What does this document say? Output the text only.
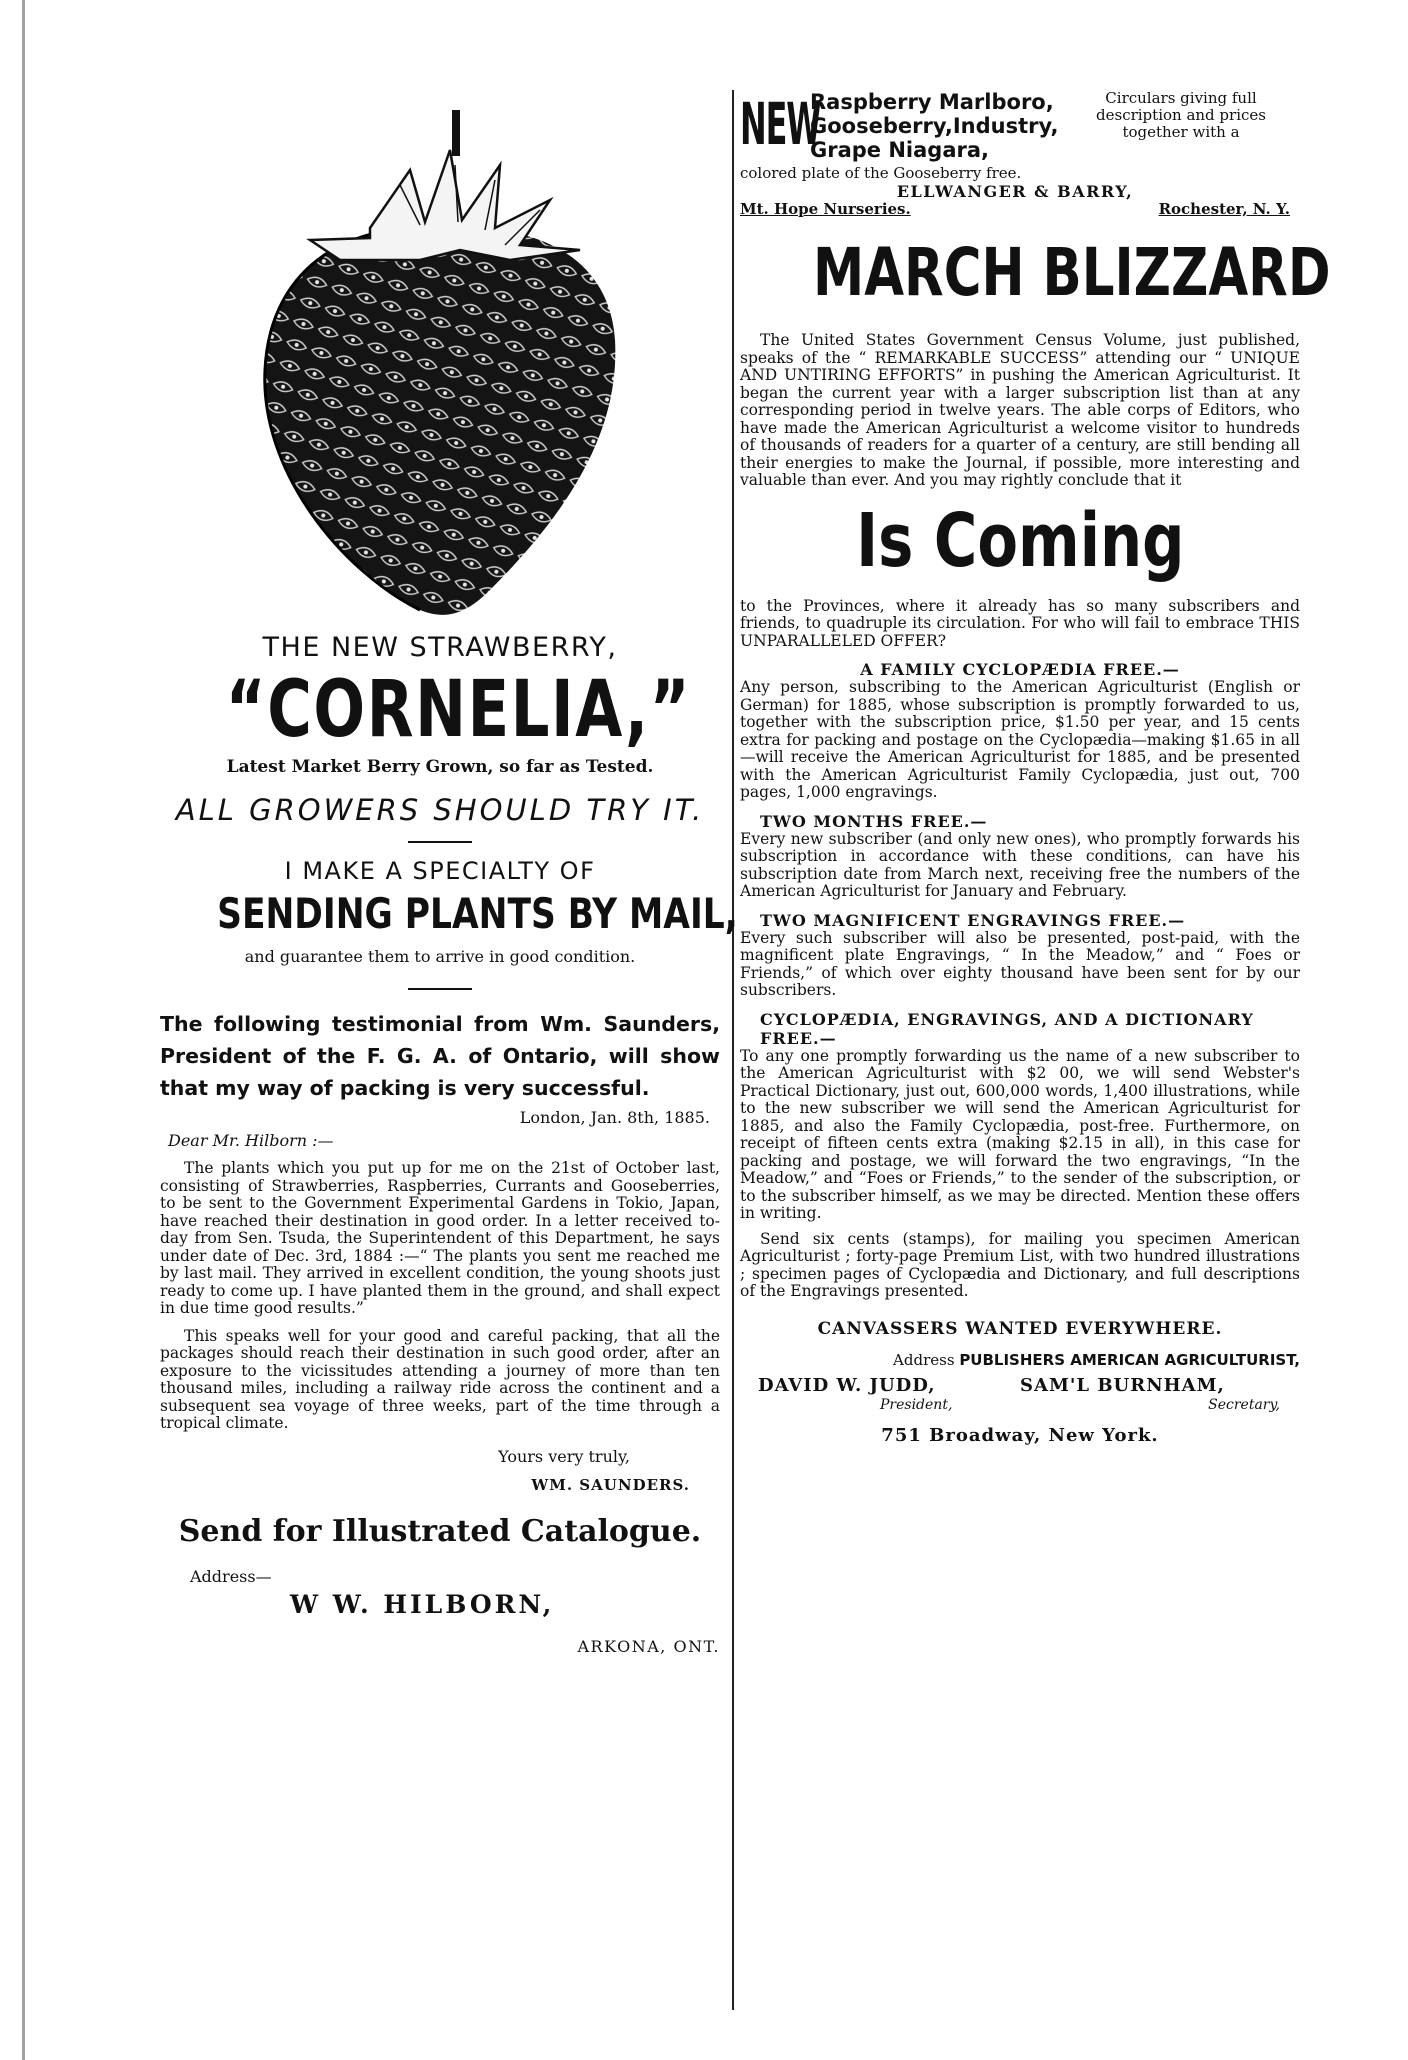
THE NEW STRAWBERRY,
“CORNELIA,”
Latest Market Berry Grown, so far as Tested.
ALL GROWERS SHOULD TRY IT.
I MAKE A SPECIALTY OF
SENDING PLANTS BY MAIL,
and guarantee them to arrive in good condition.

The following testimonial from Wm. Saunders, President of the F. G. A. of Ontario, will show that my way of packing is very successful.

London, Jan. 8th, 1885.
Dear Mr. Hilborn :—

The plants which you put up for me on the 21st of October last, consisting of Strawberries, Raspberries, Currants and Gooseberries, to be sent to the Government Experimental Gardens in Tokio, Japan, have reached their destination in good order. In a letter received to-day from Sen. Tsuda, the Superintendent of this Department, he says under date of Dec. 3rd, 1884 :—“ The plants you sent me reached me by last mail. They arrived in excellent condition, the young shoots just ready to come up. I have planted them in the ground, and shall expect in due time good results.”

This speaks well for your good and careful packing, that all the packages should reach their destination in such good order, after an exposure to the vicissitudes attending a journey of more than ten thousand miles, including a railway ride across the continent and a subsequent sea voyage of three weeks, part of the time through a tropical climate.

Yours very truly,
WM. SAUNDERS.
Send for Illustrated Catalogue.
Address—
W W. HILBORN,
ARKONA, ONT.
NEW
Raspberry Marlboro,
Gooseberry,Industry,
Grape Niagara,
Circulars giving full description and prices together with a
colored plate of the Gooseberry free.
ELLWANGER & BARRY,
Mt. Hope Nurseries.	Rochester, N. Y.
MARCH BLIZZARD

The United States Government Census Volume, just published, speaks of the “ REMARKABLE SUCCESS” attending our “ UNIQUE AND UNTIRING EFFORTS” in pushing the American Agriculturist. It began the current year with a larger subscription list than at any corresponding period in twelve years. The able corps of Editors, who have made the American Agriculturist a welcome visitor to hundreds of thousands of readers for a quarter of a century, are still bending all their energies to make the Journal, if possible, more interesting and valuable than ever. And you may rightly conclude that it

Is Coming

to the Provinces, where it already has so many subscribers and friends, to quadruple its circulation. For who will fail to embrace THIS UNPARALLELED OFFER?

A FAMILY CYCLOPÆDIA FREE.—

Any person, subscribing to the American Agriculturist (English or German) for 1885, whose subscription is promptly forwarded to us, together with the subscription price, $1.50 per year, and 15 cents extra for packing and postage on the Cyclopædia—making $1.65 in all—will receive the American Agriculturist for 1885, and be presented with the American Agriculturist Family Cyclopædia, just out, 700 pages, 1,000 engravings.

TWO MONTHS FREE.—

Every new subscriber (and only new ones), who promptly forwards his subscription in accordance with these conditions, can have his subscription date from March next, receiving free the numbers of the American Agriculturist for January and February.

TWO MAGNIFICENT ENGRAVINGS FREE.—

Every such subscriber will also be presented, post-paid, with the magnificent plate Engravings, “ In the Meadow,” and “ Foes or Friends,” of which over eighty thousand have been sent for by our subscribers.

CYCLOPÆDIA, ENGRAVINGS, AND A DICTIONARY FREE.—

To any one promptly forwarding us the name of a new subscriber to the American Agriculturist with $2 00, we will send Webster's Practical Dictionary, just out, 600,000 words, 1,400 illustrations, while to the new subscriber we will send the American Agriculturist for 1885, and also the Family Cyclopædia, post-free. Furthermore, on receipt of fifteen cents extra (making $2.15 in all), in this case for packing and postage, we will forward the two engravings, “In the Meadow,” and “Foes or Friends,” to the sender of the subscription, or to the subscriber himself, as we may be directed. Mention these offers in writing.

Send six cents (stamps), for mailing you specimen American Agriculturist ; forty-page Premium List, with two hundred illustrations ; specimen pages of Cyclopædia and Dictionary, and full descriptions of the Engravings presented.

CANVASSERS WANTED EVERYWHERE.
Address PUBLISHERS AMERICAN AGRICULTURIST,
DAVID W. JUDD,
President,
SAM'L BURNHAM,
Secretary,
751 Broadway, New York.
